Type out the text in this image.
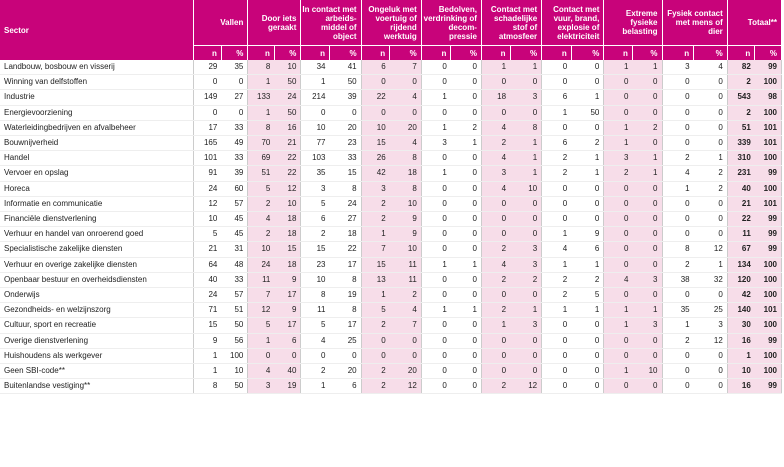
Sector	Vallen		Door iets geraakt		In contact met arbeids-middel of object		Ongeluk met voertuig of rijdend werktuig		Bedolven, verdrinking of decom-pressie		Contact met schadelijke stof of atmosfeer		Contact met vuur, brand, explosie of elektriciteit		Extreme fysieke belasting		Fysiek contact met mens of dier		Totaal**	
	n	%	n	%	n	%	n	%	n	%	n	%	n	%	n	%	n	%	n	%
Landbouw, bosbouw en visserij	29	35	8	10	34	41	6	7	0	0	1	1	0	0	1	1	3	4	82	99
Winning van delfstoffen	0	0	1	50	1	50	0	0	0	0	0	0	0	0	0	0	0	0	2	100
Industrie	149	27	133	24	214	39	22	4	1	0	18	3	6	1	0	0	0	0	543	98
Energievoorziening	0	0	1	50	0	0	0	0	0	0	0	0	1	50	0	0	0	0	2	100
Waterleidingbedrijven en afvalbeheer	17	33	8	16	10	20	10	20	1	2	4	8	0	0	1	2	0	0	51	101
Bouwnijverheid	165	49	70	21	77	23	15	4	3	1	2	1	6	2	1	0	0	0	339	101
Handel	101	33	69	22	103	33	26	8	0	0	4	1	2	1	3	1	2	1	310	100
Vervoer en opslag	91	39	51	22	35	15	42	18	1	0	3	1	2	1	2	1	4	2	231	99
Horeca	24	60	5	12	3	8	3	8	0	0	4	10	0	0	0	0	1	2	40	100
Informatie en communicatie	12	57	2	10	5	24	2	10	0	0	0	0	0	0	0	0	0	0	21	101
Financiële dienstverlening	10	45	4	18	6	27	2	9	0	0	0	0	0	0	0	0	0	0	22	99
Verhuur en handel van onroerend goed	5	45	2	18	2	18	1	9	0	0	0	0	1	9	0	0	0	0	11	99
Specialistische zakelijke diensten	21	31	10	15	15	22	7	10	0	0	2	3	4	6	0	0	8	12	67	99
Verhuur en overige zakelijke diensten	64	48	24	18	23	17	15	11	1	1	4	3	1	1	0	0	2	1	134	100
Openbaar bestuur en overheidsdiensten	40	33	11	9	10	8	13	11	0	0	2	2	2	2	4	3	38	32	120	100
Onderwijs	24	57	7	17	8	19	1	2	0	0	0	0	2	5	0	0	0	0	42	100
Gezondheids- en welzijnszorg	71	51	12	9	11	8	5	4	1	1	2	1	1	1	1	1	35	25	140	101
Cultuur, sport en recreatie	15	50	5	17	5	17	2	7	0	0	1	3	0	0	1	3	1	3	30	100
Overige dienstverlening	9	56	1	6	4	25	0	0	0	0	0	0	0	0	0	0	2	12	16	99
Huishoudens als werkgever	1	100	0	0	0	0	0	0	0	0	0	0	0	0	0	0	0	0	1	100
Geen SBI-code**	1	10	4	40	2	20	2	20	0	0	0	0	0	0	1	10	0	0	10	100
Buitenlandse vestiging**	8	50	3	19	1	6	2	12	0	0	2	12	0	0	0	0	0	0	16	99
